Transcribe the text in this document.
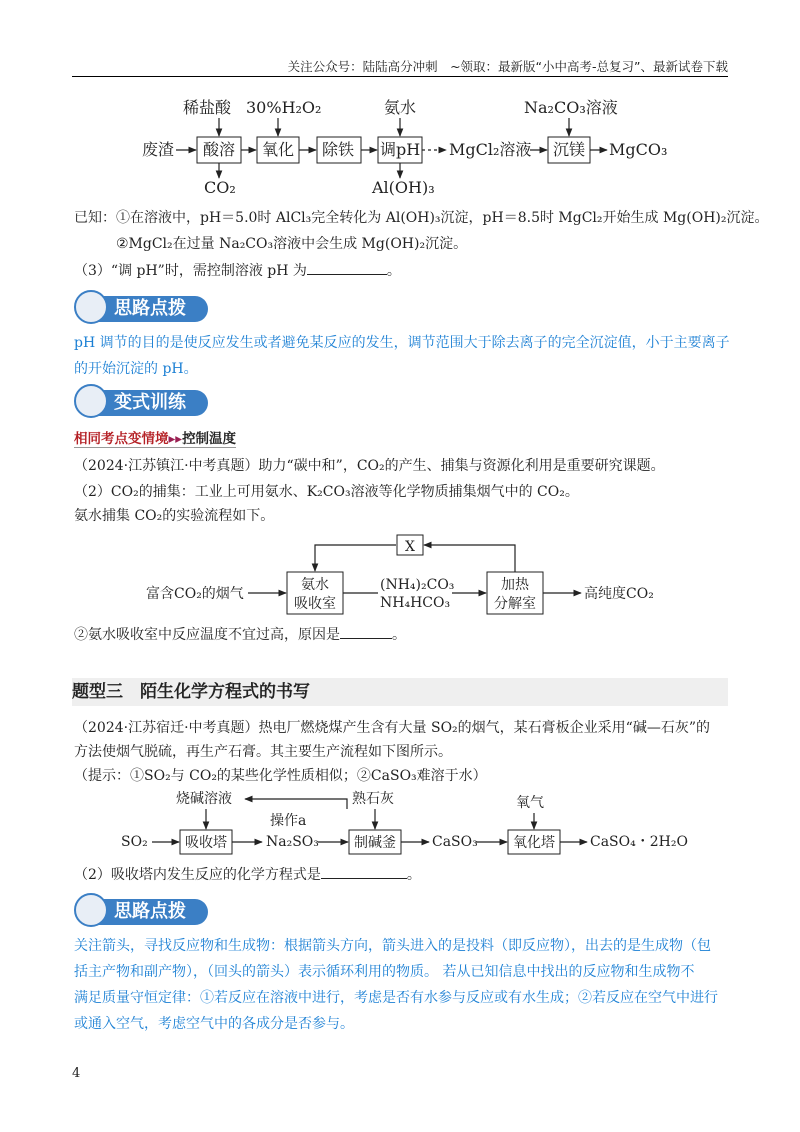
关注公众号：陆陆高分冲刺　~领取：最新版“小中高考-总复习”、最新试卷下载
稀盐酸 30%H₂O₂	氨水	Na₂CO₃溶液
废渣 酸溶 氧化 除铁 调pH MgCl₂溶液 沉镁 MgCO₃
CO₂	Al(OH)₃
已知：①在溶液中，pH＝5.0时 AlCl₃完全转化为 Al(OH)₃沉淀，pH＝8.5时 MgCl₂开始生成 Mg(OH)₂沉淀。
②MgCl₂在过量 Na₂CO₃溶液中会生成 Mg(OH)₂沉淀。
（3）“调 pH”时，需控制溶液 pH 为	。
思路点拨
pH 调节的目的是使反应发生或者避免某反应的发生，调节范围大于除去离子的完全沉淀值，小于主要离子
的开始沉淀的 pH。
变式训练
相同考点变情境▸▸控制温度
（2024·江苏镇江·中考真题）助力“碳中和”，CO₂的产生、捕集与资源化利用是重要研究课题。
（2）CO₂的捕集：工业上可用氨水、K₂CO₃溶液等化学物质捕集烟气中的 CO₂。
氨水捕集 CO₂的实验流程如下。
X
富含CO₂的烟气
氨水
吸收室
(NH₄)₂CO₃
NH₄HCO₃
加热
分解室
高纯度CO₂
②氨水吸收室中反应温度不宜过高，原因是	。
题型三　陌生化学方程式的书写
（2024·江苏宿迁·中考真题）热电厂燃烧煤产生含有大量 SO₂的烟气，某石膏板企业采用“碱—石灰”的
方法使烟气脱硫，再生产石膏。其主要生产流程如下图所示。
（提示：①SO₂与 CO₂的某些化学性质相似；②CaSO₃难溶于水）
烧碱溶液
操作a
熟石灰	氧气
SO₂	吸收塔	Na₂SO₃	制碱釜	CaSO₃	氧化塔	CaSO₄・2H₂O
（2）吸收塔内发生反应的化学方程式是	。
思路点拨
关注箭头，寻找反应物和生成物：根据箭头方向，箭头进入的是投料（即反应物），出去的是生成物（包
括主产物和副产物），（回头的箭头）表示循环利用的物质。 若从已知信息中找出的反应物和生成物不
满足质量守恒定律：①若反应在溶液中进行，考虑是否有水参与反应或有水生成；②若反应在空气中进行
或通入空气，考虑空气中的各成分是否参与。
4
